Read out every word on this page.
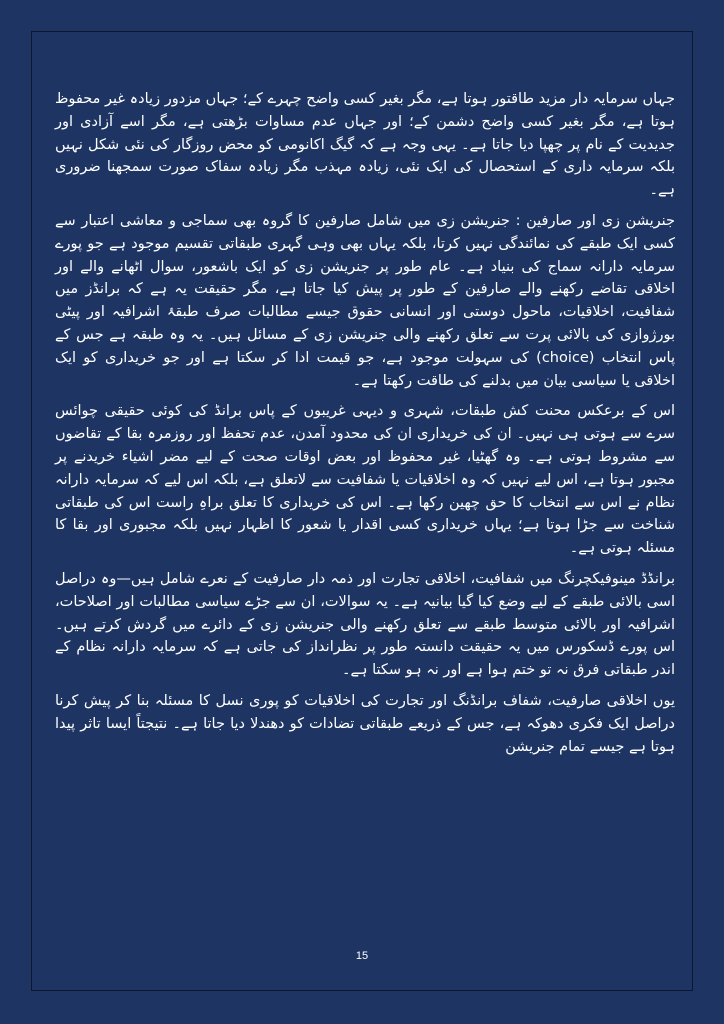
جہاں سرمایہ دار مزید طاقتور ہوتا ہے، مگر بغیر کسی واضح چہرے کے؛ جہاں مزدور زیادہ غیر محفوظ ہوتا ہے، مگر بغیر کسی واضح دشمن کے؛ اور جہاں عدم مساوات بڑھتی ہے، مگر اسے آزادی اور جدیدیت کے نام پر چھپا دیا جاتا ہے۔ یہی وجہ ہے کہ گیگ اکانومی کو محض روزگار کی نئی شکل نہیں بلکہ سرمایہ داری کے استحصال کی ایک نئی، زیادہ مہذب مگر زیادہ سفاک صورت سمجھنا ضروری ہے۔

جنریشن زی اور صارفین : جنریشن زی میں شامل صارفین کا گروہ بھی سماجی و معاشی اعتبار سے کسی ایک طبقے کی نمائندگی نہیں کرتا، بلکہ یہاں بھی وہی گہری طبقاتی تقسیم موجود ہے جو پورے سرمایہ دارانہ سماج کی بنیاد ہے۔ عام طور پر جنریشن زی کو ایک باشعور، سوال اٹھانے والے اور اخلاقی تقاضے رکھنے والے صارفین کے طور پر پیش کیا جاتا ہے، مگر حقیقت یہ ہے کہ برانڈز میں شفافیت، اخلاقیات، ماحول دوستی اور انسانی حقوق جیسے مطالبات صرف طبقۂ اشرافیہ اور پیٹی بورژوازی کی بالائی پرت سے تعلق رکھنے والی جنریشن زی کے مسائل ہیں۔ یہ وہ طبقہ ہے جس کے پاس انتخاب (choice) کی سہولت موجود ہے، جو قیمت ادا کر سکتا ہے اور جو خریداری کو ایک اخلاقی یا سیاسی بیان میں بدلنے کی طاقت رکھتا ہے۔

اس کے برعکس محنت کش طبقات، شہری و دیہی غریبوں کے پاس برانڈ کی کوئی حقیقی چوائس سرے سے ہوتی ہی نہیں۔ ان کی خریداری ان کی محدود آمدن، عدم تحفظ اور روزمرہ بقا کے تقاضوں سے مشروط ہوتی ہے۔ وہ گھٹیا، غیر محفوظ اور بعض اوقات صحت کے لیے مضر اشیاء خریدنے پر مجبور ہوتا ہے، اس لیے نہیں کہ وہ اخلاقیات یا شفافیت سے لاتعلق ہے، بلکہ اس لیے کہ سرمایہ دارانہ نظام نے اس سے انتخاب کا حق چھین رکھا ہے۔ اس کی خریداری کا تعلق براہِ راست اس کی طبقاتی شناخت سے جڑا ہوتا ہے؛ یہاں خریداری کسی اقدار یا شعور کا اظہار نہیں بلکہ مجبوری اور بقا کا مسئلہ ہوتی ہے۔

برانڈڈ مینوفیکچرنگ میں شفافیت، اخلاقی تجارت اور ذمہ دار صارفیت کے نعرے شامل ہیں—وہ دراصل اسی بالائی طبقے کے لیے وضع کیا گیا بیانیہ ہے۔ یہ سوالات، ان سے جڑے سیاسی مطالبات اور اصلاحات، اشرافیہ اور بالائی متوسط طبقے سے تعلق رکھنے والی جنریشن زی کے دائرے میں گردش کرتے ہیں۔ اس پورے ڈسکورس میں یہ حقیقت دانستہ طور پر نظرانداز کی جاتی ہے کہ سرمایہ دارانہ نظام کے اندر طبقاتی فرق نہ تو ختم ہوا ہے اور نہ ہو سکتا ہے۔

یوں اخلاقی صارفیت، شفاف برانڈنگ اور تجارت کی اخلاقیات کو پوری نسل کا مسئلہ بنا کر پیش کرنا دراصل ایک فکری دھوکہ ہے، جس کے ذریعے طبقاتی تضادات کو دھندلا دیا جاتا ہے۔ نتیجتاً ایسا تاثر پیدا ہوتا ہے جیسے تمام جنریشن

15
